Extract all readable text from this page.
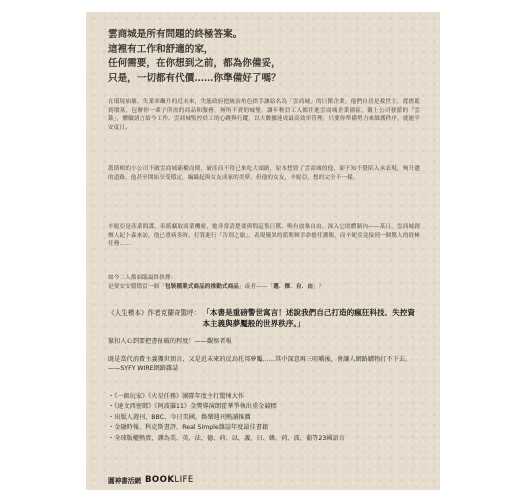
雲商城是所有問題的終極答案。
這裡有工作和舒適的家，
任何需要，在你想到之前，都為你備妥，
只是，一切都有代價……你準備好了嗎？
在環境崩壞、失業率飆升的近未來，失能政府把統治角色拱手讓給名為「雲商城」的巨獸企業，他們自居是救世主，從搖籃到墳墓，包辦你一輩子所需的商品和服務，無所不賣的城堡，讓年輕員工入都住進雲商城企業園區，戴上公司發派的「雲錶」，體驗諸言給今工作、雲商城監控員工的心跳與行蹤，以大數據達成最高效率管理，只要你準備勞力來維護秩序，就能平安度日。
派斯頓的小公司不敵雲商城霸權而倒，破產而不得已來吃大頭路，原本想毀了雲商城的他，卻不知不覺陷入承表現，殉升遷的道路，他甚至開始享受穩定，編織起與女友成家的美夢，但他的女友，辛妮亞，想的完全不一樣。
辛妮亞是產業間諜，奉派竊取商業機密，她非常清楚要與問這集巨獸，唯有放棄自由，深入它的體制內——某日，雲商城創辦人紀卜森來訪，他已重病多時，打算進行「告別之旅」，表現優異的派斯頓幸命擔任護衛，而辛妮亞竟接到一個驚人的終極任務……
如今二人都面臨最終抉擇：
是要安安穩穩當一個「包裝種業式商品的推動式商品」或者——「選．擇．自．由」？
《人生模本》作者克蘭奇驚呼： 「本書是重磅警世寓言！述說我們自己打造的瘋狂科技、失控資本主義與夢魘般的世界秩序。」
緊扣人心到要把書扯破的程度！——觀察者報
既是當代消費主義獲世預言，又是近未來的反烏托邦夢魘……其中深意再三咀嚼後，會讓人網路購物打不下去。——SYFY WIRE網路雜誌
・ 《一級玩家》《火星任務》團隊年度主打驚悚大作
・ 《達文西密碼》《阿波羅11》金獎導演朗霍華爭執出重金競標
・ 出版人週刊、BBC、今日美國，娛樂週刊熱讀推薦
・ 金融時報、科克斯書評、Real Simple雜誌年度最佳書籍
・ 全球版權熱賣，譯為美、英、法、德、荷、以、義、日、韓、荷、波、葡等23國語言
圓神書活網 BOOKLIFE
